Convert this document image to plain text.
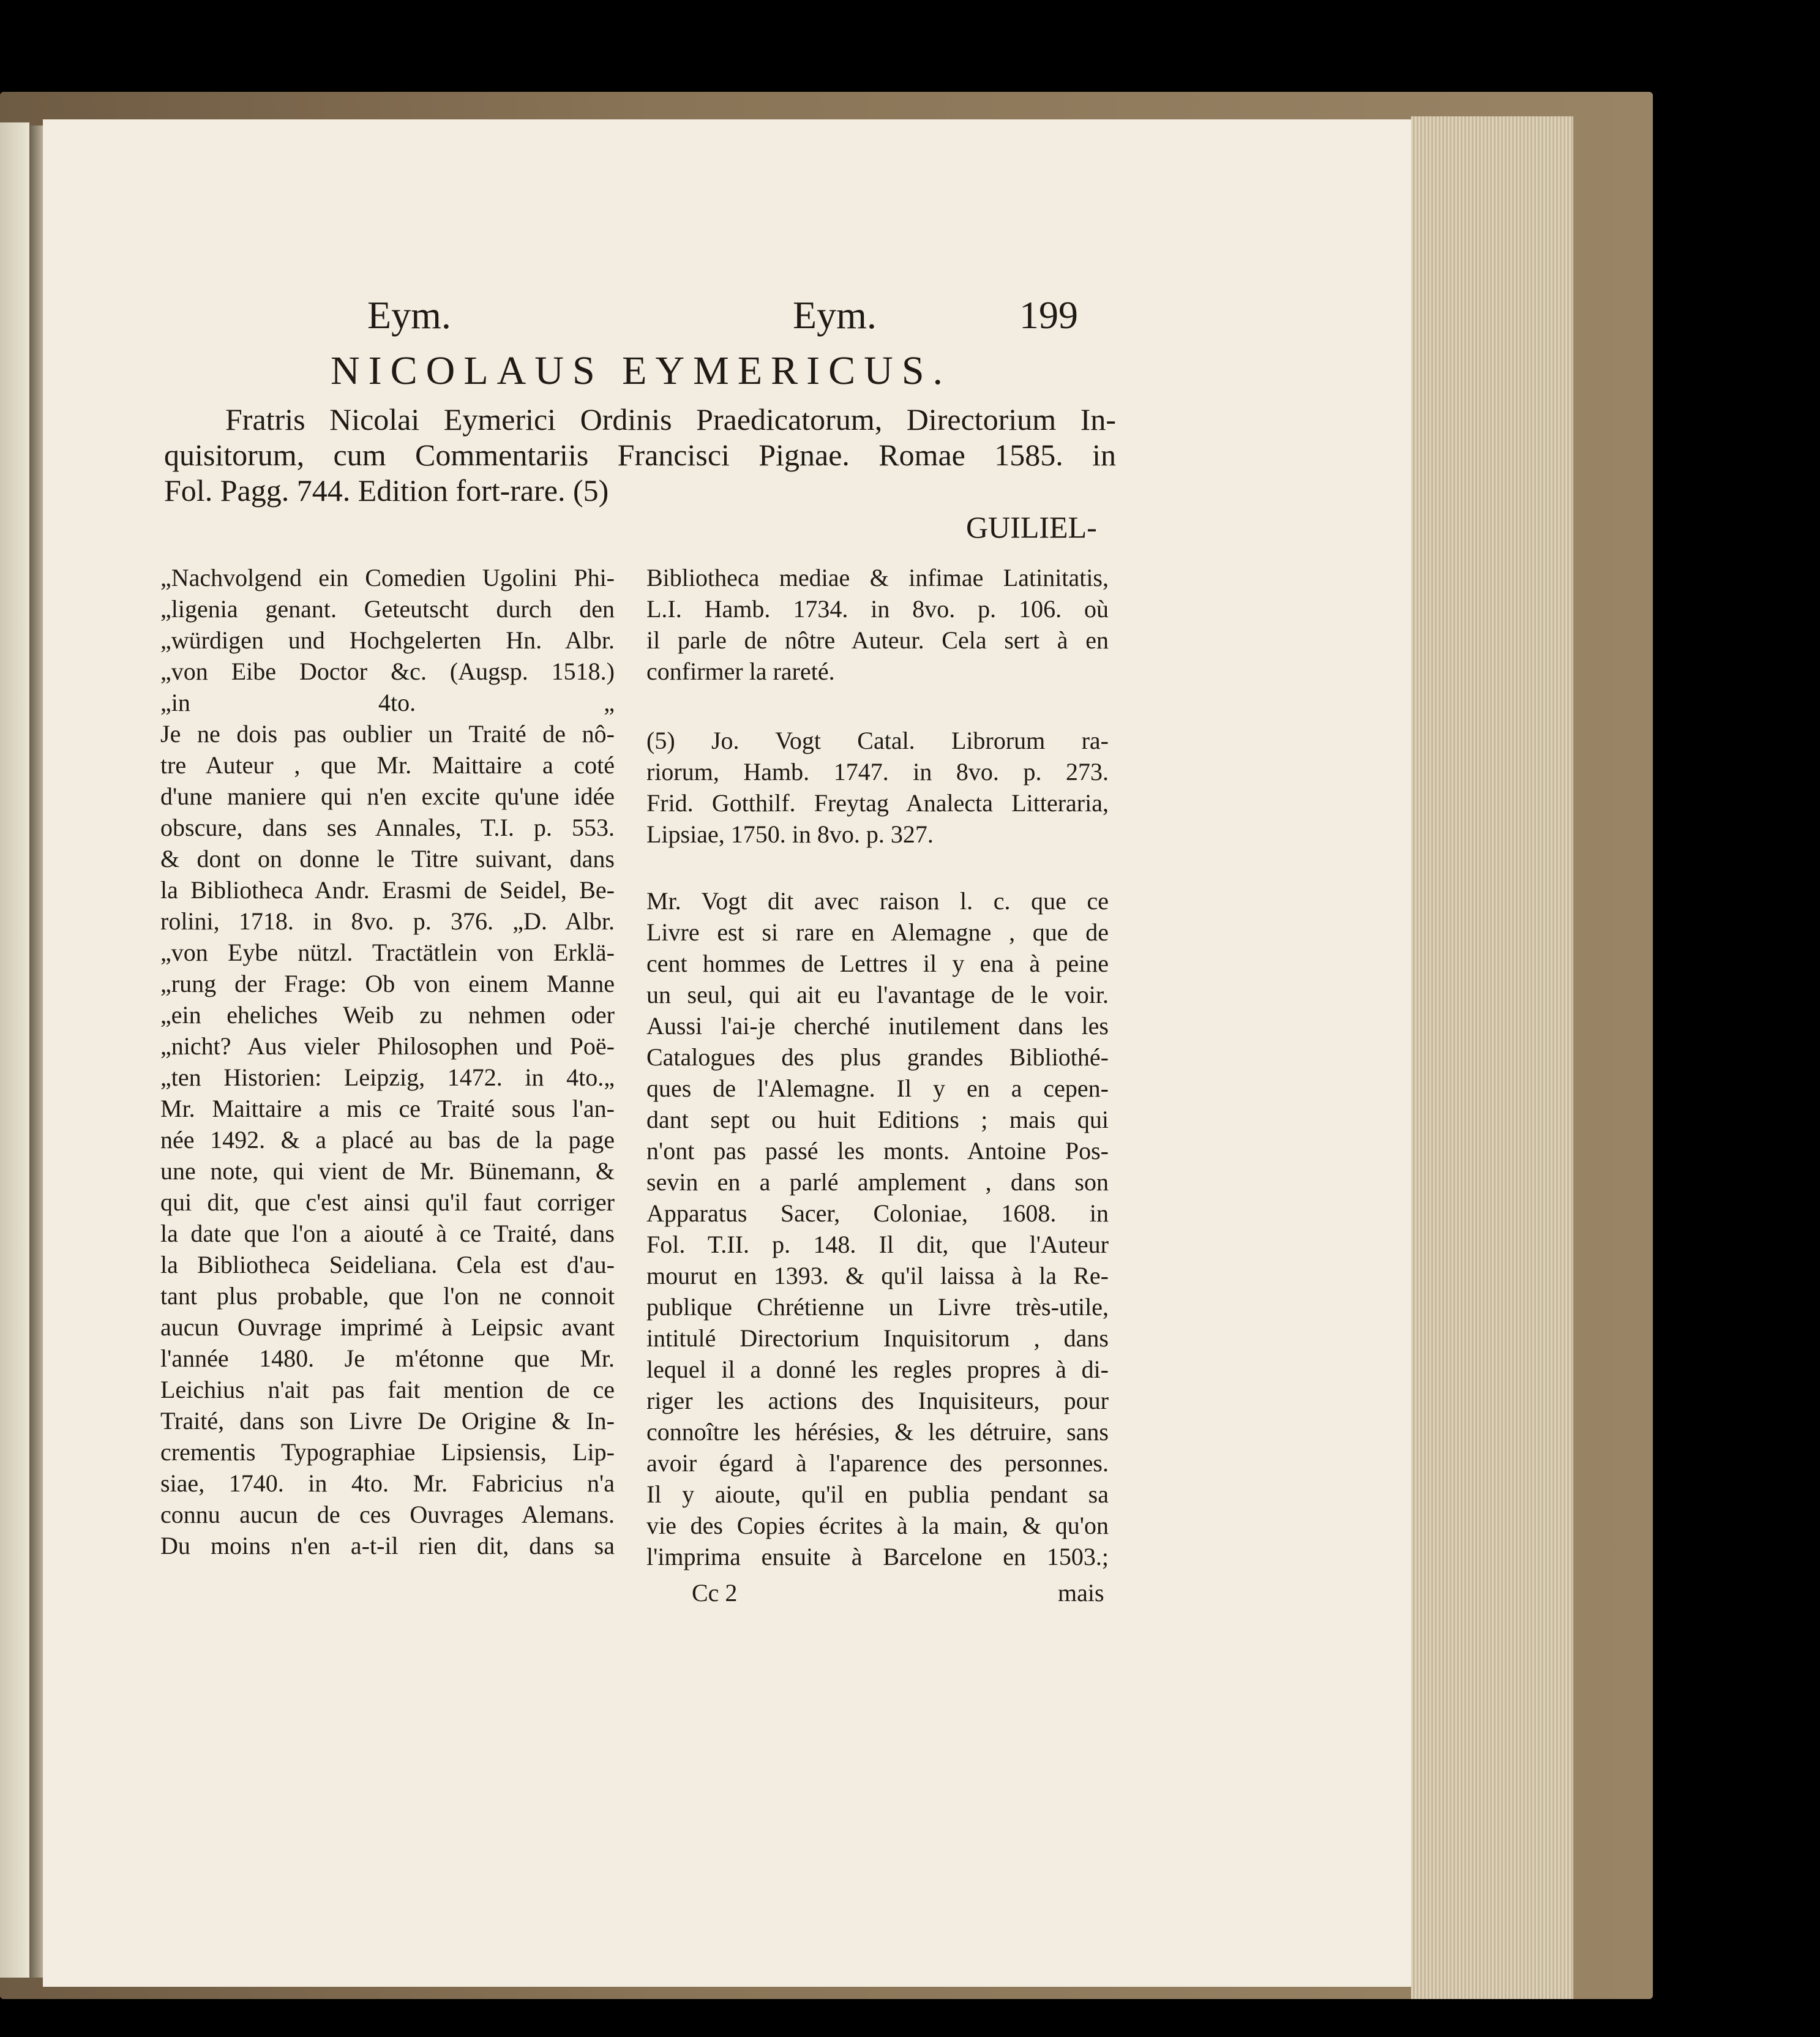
Eym.	Eym.	199
NICOLAUS EYMERICUS.
Fratris Nicolai Eymerici Ordinis Praedicatorum, Directorium In-
quisitorum, cum Commentariis Francisci Pignae. Romae 1585. in
Fol. Pagg. 744. Edition fort-rare. (5)
GUILIEL-
„Nachvolgend ein Comedien Ugolini Phi-
„ligenia genant. Geteutscht durch den
„würdigen und Hochgelerten Hn. Albr.
„von Eibe Doctor &c. (Augsp. 1518.)
„in 4to. „
Je ne dois pas oublier un Traité de nô-
tre Auteur , que Mr. Maittaire a coté
d'une maniere qui n'en excite qu'une idée
obscure, dans ses Annales, T.I. p. 553.
& dont on donne le Titre suivant, dans
la Bibliotheca Andr. Erasmi de Seidel, Be-
rolini, 1718. in 8vo. p. 376. „D. Albr.
„von Eybe nützl. Tractätlein von Erklä-
„rung der Frage: Ob von einem Manne
„ein eheliches Weib zu nehmen oder
„nicht? Aus vieler Philosophen und Poë-
„ten Historien: Leipzig, 1472. in 4to.„
Mr. Maittaire a mis ce Traité sous l'an-
née 1492. & a placé au bas de la page
une note, qui vient de Mr. Bünemann, &
qui dit, que c'est ainsi qu'il faut corriger
la date que l'on a aiouté à ce Traité, dans
la Bibliotheca Seideliana. Cela est d'au-
tant plus probable, que l'on ne connoit
aucun Ouvrage imprimé à Leipsic avant
l'année 1480. Je m'étonne que Mr.
Leichius n'ait pas fait mention de ce
Traité, dans son Livre De Origine & In-
crementis Typographiae Lipsiensis, Lip-
siae, 1740. in 4to. Mr. Fabricius n'a
connu aucun de ces Ouvrages Alemans.
Du moins n'en a-t-il rien dit, dans sa
Bibliotheca mediae & infimae Latinitatis,
L.I. Hamb. 1734. in 8vo. p. 106. où
il parle de nôtre Auteur. Cela sert à en
confirmer la rareté.
(5) Jo. Vogt Catal. Librorum ra-
riorum, Hamb. 1747. in 8vo. p. 273.
Frid. Gotthilf. Freytag Analecta Litteraria,
Lipsiae, 1750. in 8vo. p. 327.
Mr. Vogt dit avec raison l. c. que ce
Livre est si rare en Alemagne , que de
cent hommes de Lettres il y ena à peine
un seul, qui ait eu l'avantage de le voir.
Aussi l'ai-je cherché inutilement dans les
Catalogues des plus grandes Bibliothé-
ques de l'Alemagne. Il y en a cepen-
dant sept ou huit Editions ; mais qui
n'ont pas passé les monts. Antoine Pos-
sevin en a parlé amplement , dans son
Apparatus Sacer, Coloniae, 1608. in
Fol. T.II. p. 148. Il dit, que l'Auteur
mourut en 1393. & qu'il laissa à la Re-
publique Chrétienne un Livre très-utile,
intitulé Directorium Inquisitorum , dans
lequel il a donné les regles propres à di-
riger les actions des Inquisiteurs, pour
connoître les hérésies, & les détruire, sans
avoir égard à l'aparence des personnes.
Il y aioute, qu'il en publia pendant sa
vie des Copies écrites à la main, & qu'on
l'imprima ensuite à Barcelone en 1503.;
Cc 2	mais
